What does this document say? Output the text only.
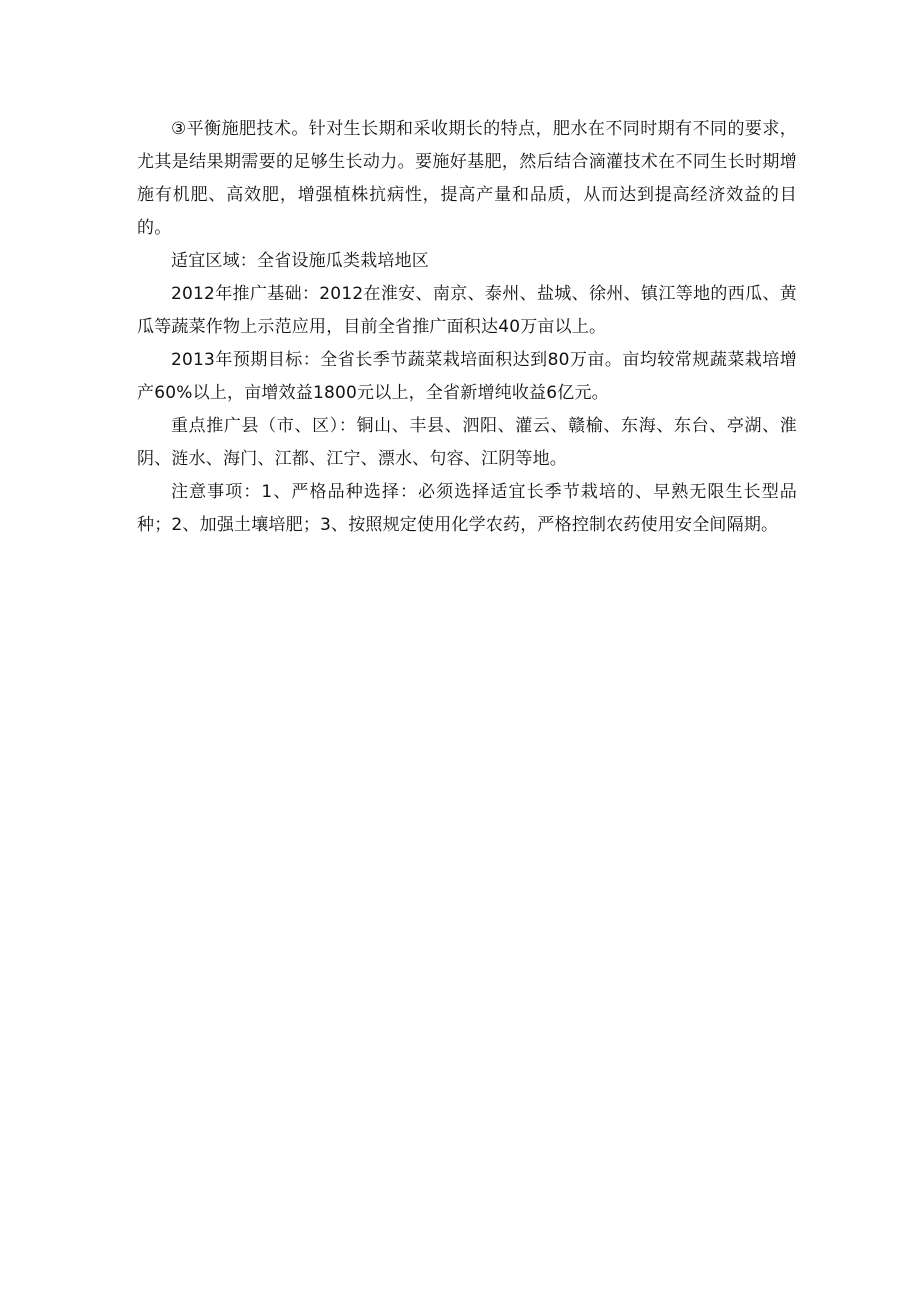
③平衡施肥技术。针对生长期和采收期长的特点，肥水在不同时期有不同的要求，尤其是结果期需要的足够生长动力。要施好基肥，然后结合滴灌技术在不同生长时期增施有机肥、高效肥，增强植株抗病性，提高产量和品质，从而达到提高经济效益的目的。

适宜区域：全省设施瓜类栽培地区

2012年推广基础：2012在淮安、南京、泰州、盐城、徐州、镇江等地的西瓜、黄瓜等蔬菜作物上示范应用，目前全省推广面积达40万亩以上。

2013年预期目标：全省长季节蔬菜栽培面积达到80万亩。亩均较常规蔬菜栽培增产60%以上，亩增效益1800元以上，全省新增纯收益6亿元。

重点推广县（市、区）：铜山、丰县、泗阳、灌云、赣榆、东海、东台、亭湖、淮阴、涟水、海门、江都、江宁、漂水、句容、江阴等地。

注意事项：1、严格品种选择：必须选择适宜长季节栽培的、早熟无限生长型品种；2、加强土壤培肥；3、按照规定使用化学农药，严格控制农药使用安全间隔期。
